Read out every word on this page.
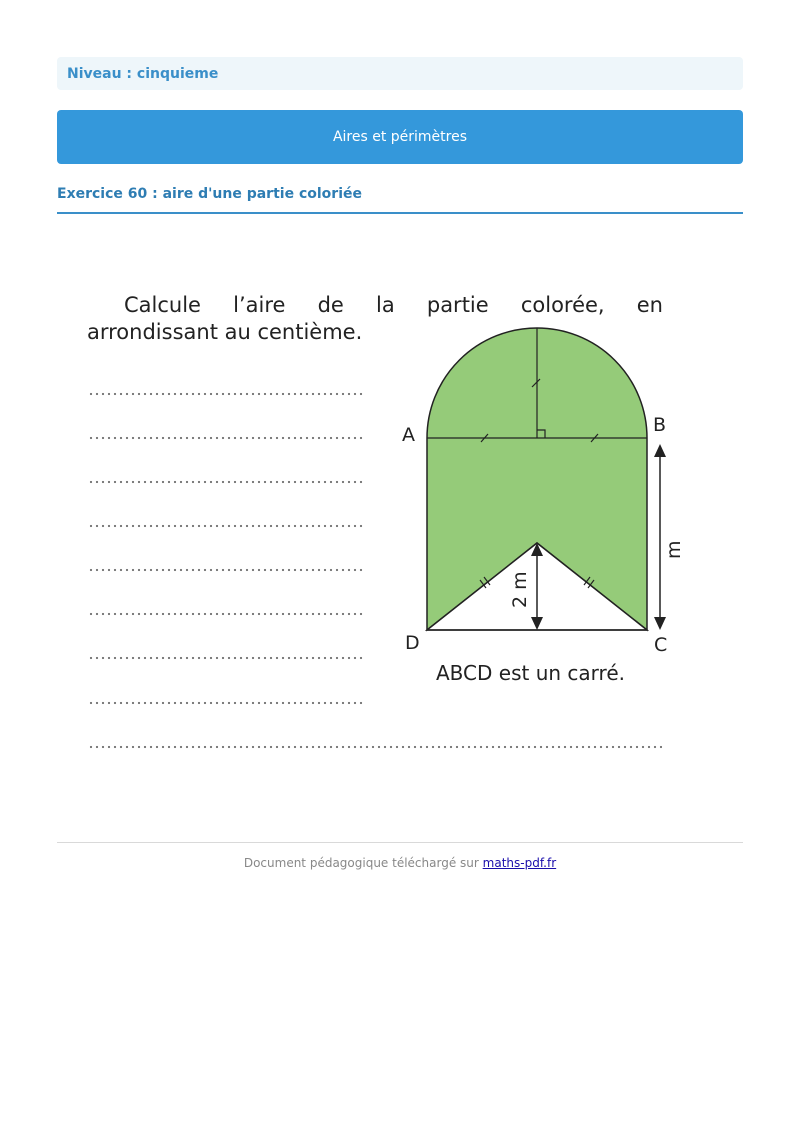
Niveau : cinquieme
Aires et périmètres
Exercice 60 : aire d'une partie coloriée
Calcule l’aire de la partie colorée, en
arrondissant au centième.
A	B
D	C
2 m
m
ABCD est un carré.
Document pédagogique téléchargé sur maths-pdf.fr
